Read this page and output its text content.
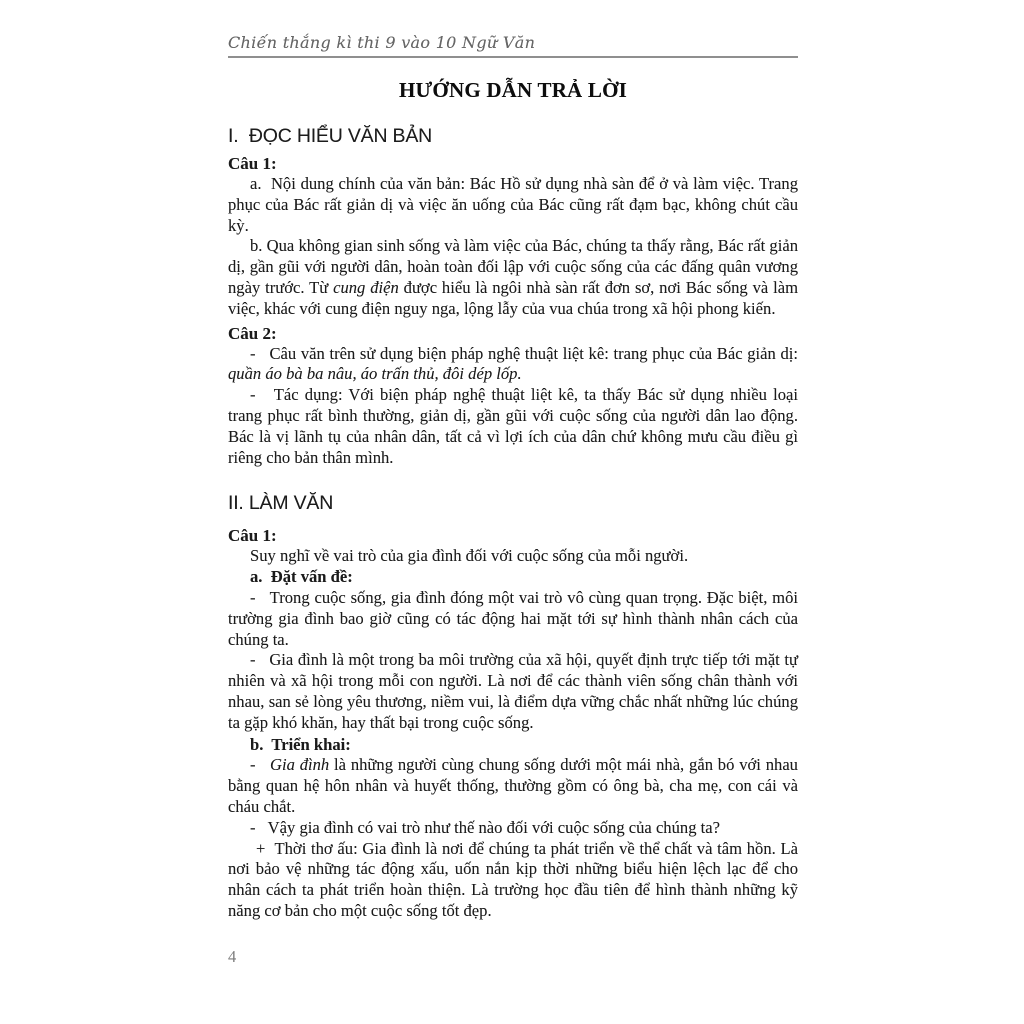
Chiến thắng kì thi 9 vào 10 Ngữ Văn
HƯỚNG DẪN TRẢ LỜI
I.  ĐỌC HIỂU VĂN BẢN
Câu 1:

a.  Nội dung chính của văn bản: Bác Hồ sử dụng nhà sàn để ở và làm việc. Trang phục của Bác rất giản dị và việc ăn uống của Bác cũng rất đạm bạc, không chút cầu kỳ.

b. Qua không gian sinh sống và làm việc của Bác, chúng ta thấy rằng, Bác rất giản dị, gần gũi với người dân, hoàn toàn đối lập với cuộc sống của các đấng quân vương ngày trước. Từ cung điện được hiểu là ngôi nhà sàn rất đơn sơ, nơi Bác sống và làm việc, khác với cung điện nguy nga, lộng lẫy của vua chúa trong xã hội phong kiến.

Câu 2:

-   Câu văn trên sử dụng biện pháp nghệ thuật liệt kê: trang phục của Bác giản dị: quần áo bà ba nâu, áo trấn thủ, đôi dép lốp.

-   Tác dụng: Với biện pháp nghệ thuật liệt kê, ta thấy Bác sử dụng nhiều loại trang phục rất bình thường, giản dị, gần gũi với cuộc sống của người dân lao động. Bác là vị lãnh tụ của nhân dân, tất cả vì lợi ích của dân chứ không mưu cầu điều gì riêng cho bản thân mình.

II. LÀM VĂN
Câu 1:

Suy nghĩ về vai trò của gia đình đối với cuộc sống của mỗi người.

a.  Đặt vấn đề:

-   Trong cuộc sống, gia đình đóng một vai trò vô cùng quan trọng. Đặc biệt, môi trường gia đình bao giờ cũng có tác động hai mặt tới sự hình thành nhân cách của chúng ta.

-   Gia đình là một trong ba môi trường của xã hội, quyết định trực tiếp tới mặt tự nhiên và xã hội trong mỗi con người. Là nơi để các thành viên sống chân thành với nhau, san sẻ lòng yêu thương, niềm vui, là điểm dựa vững chắc nhất những lúc chúng ta gặp khó khăn, hay thất bại trong cuộc sống.

b.  Triển khai:

-   Gia đình là những người cùng chung sống dưới một mái nhà, gắn bó với nhau bằng quan hệ hôn nhân và huyết thống, thường gồm có ông bà, cha mẹ, con cái và cháu chắt.

-   Vậy gia đình có vai trò như thế nào đối với cuộc sống của chúng ta?

+  Thời thơ ấu: Gia đình là nơi để chúng ta phát triển về thể chất và tâm hồn. Là nơi bảo vệ những tác động xấu, uốn nắn kịp thời những biểu hiện lệch lạc để cho nhân cách ta phát triển hoàn thiện. Là trường học đầu tiên để hình thành những kỹ năng cơ bản cho một cuộc sống tốt đẹp.

4
